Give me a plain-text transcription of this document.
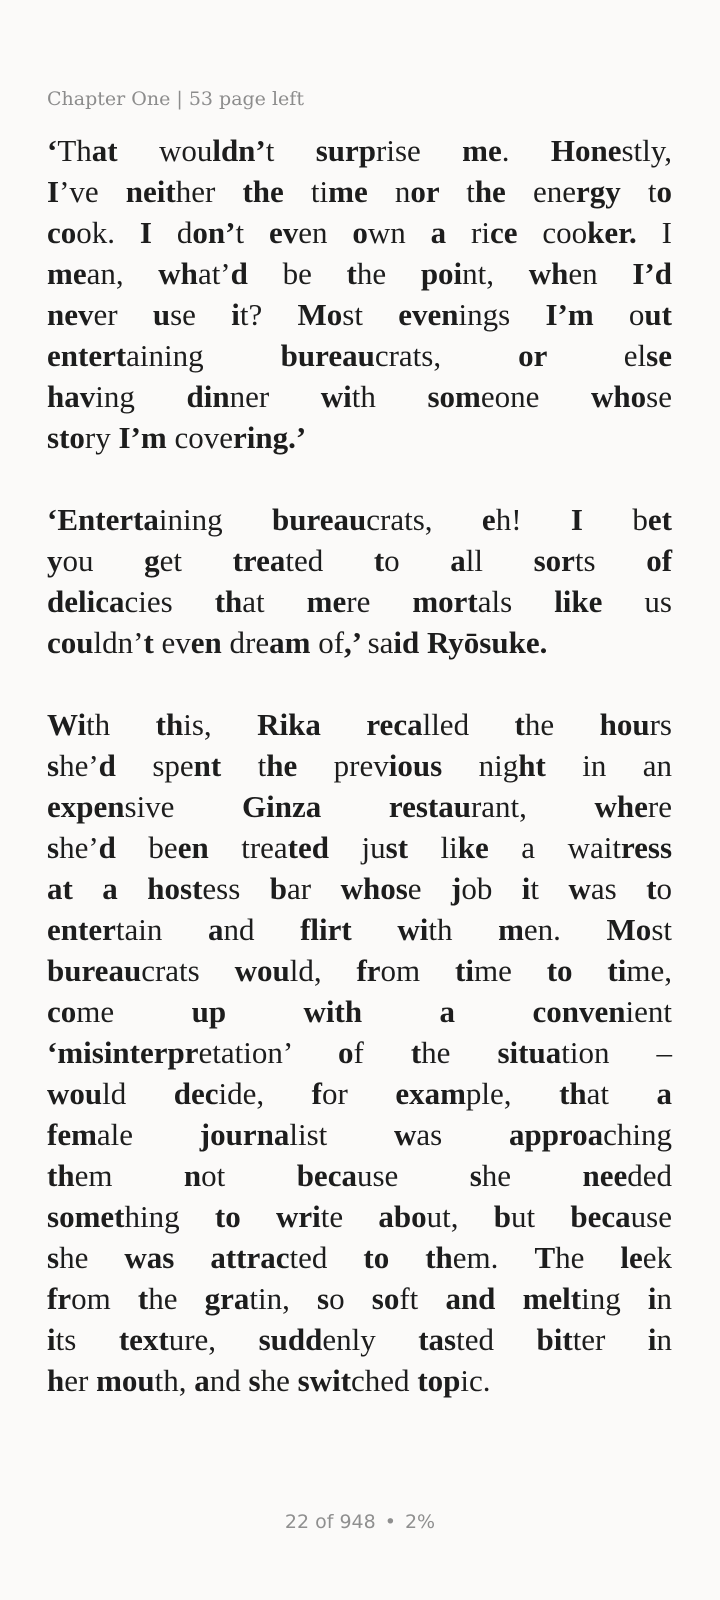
Chapter One | 53 page left
‘That wouldn’t surprise me. Honestly,
I’ve neither the time nor the energy to
cook. I don’t even own a rice cooker. I
mean, what’d be the point, when I’d
never use it? Most evenings I’m out
entertaining bureaucrats, or else
having dinner with someone whose
story I’m covering.’
‘Entertaining bureaucrats, eh! I bet
you get treated to all sorts of
delicacies that mere mortals like us
couldn’t even dream of,’ said Ryōsuke.
With this, Rika recalled the hours
she’d spent the previous night in an
expensive Ginza restaurant, where
she’d been treated just like a waitress
at a hostess bar whose job it was to
entertain and flirt with men. Most
bureaucrats would, from time to time,
come up with a convenient
‘misinterpretation’ of the situation –
would decide, for example, that a
female journalist was approaching
them not because she needed
something to write about, but because
she was attracted to them. The leek
from the gratin, so soft and melting in
its texture, suddenly tasted bitter in
her mouth, and she switched topic.
22 of 948 • 2%
